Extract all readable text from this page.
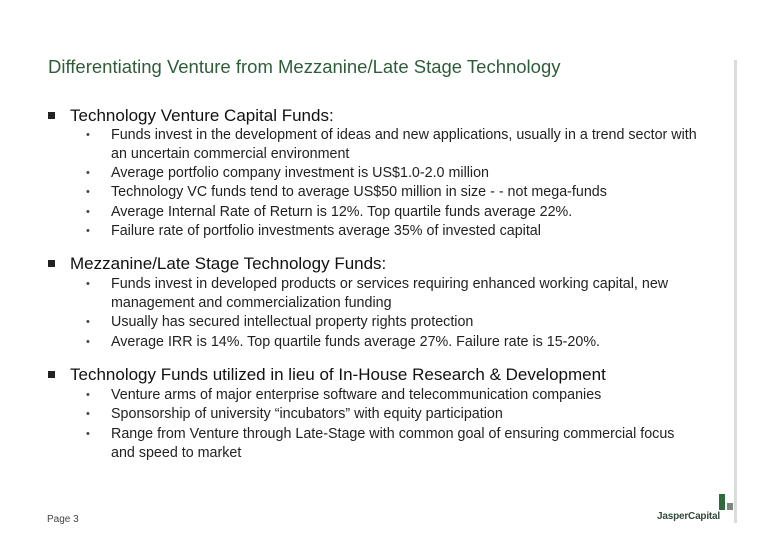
Differentiating Venture from Mezzanine/Late Stage Technology
Technology Venture Capital Funds:
• Funds invest in the development of ideas and new applications, usually in a trend sector with an uncertain commercial environment
• Average portfolio company investment is US$1.0-2.0 million
• Technology VC funds tend to average US$50 million in size - - not mega-funds
• Average Internal Rate of Return is 12%. Top quartile funds average 22%.
• Failure rate of portfolio investments average 35% of invested capital
Mezzanine/Late Stage Technology Funds:
• Funds invest in developed products or services requiring enhanced working capital, new management and commercialization funding
• Usually has secured intellectual property rights protection
• Average IRR is 14%. Top quartile funds average 27%. Failure rate is 15-20%.
Technology Funds utilized in lieu of In-House Research & Development
• Venture arms of major enterprise software and telecommunication companies
• Sponsorship of university “incubators” with equity participation
• Range from Venture through Late-Stage with common goal of ensuring commercial focus and speed to market
Page 3	JasperCapital
